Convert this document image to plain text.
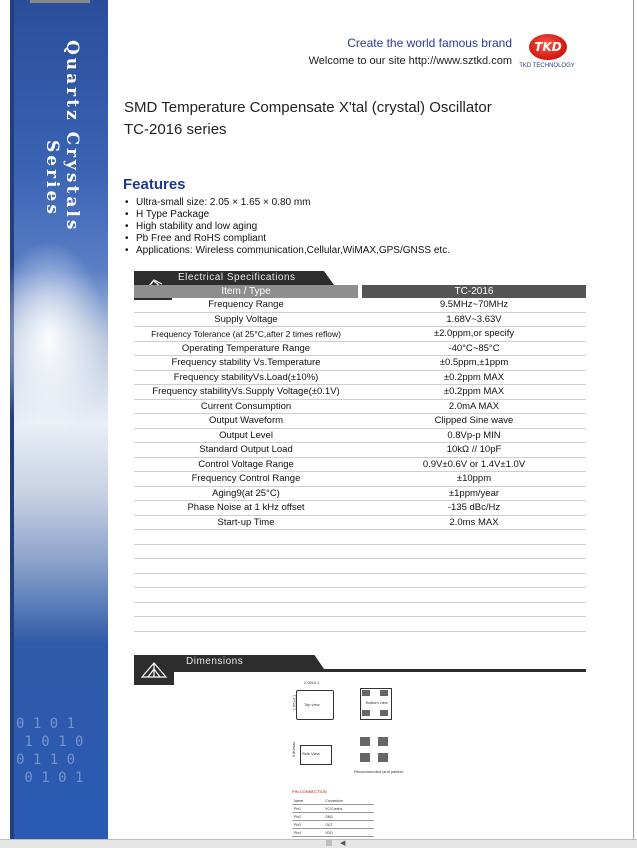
Quartz Crystals
Series
0 1 0 1
1 0 1 0
0 1 1 0
0 1 0 1
Create the world famous brand
Welcome to our site http://www.sztkd.com
TKD
TKD TECHNOLOGY
SMD Temperature Compensate X'tal (crystal) Oscillator
TC-2016 series
Features
• Ultra-small size: 2.05 × 1.65 × 0.80 mm
• H Type Package
• High stability and low aging
• Pb Free and RoHS compliant
• Applications: Wireless communication,Cellular,WiMAX,GPS/GNSS etc.
Electrical Specifications
Item / Type		TC-2016
Frequency Range		9.5MHz~70MHz
Supply Voltage		1.68V~3.63V
Frequency Tolerance (at 25°C,after 2 times reflow)		±2.0ppm,or specify
Operating Temperature Range		-40°C~85°C
Frequency stability Vs.Temperature		±0.5ppm,±1ppm
Frequency stabilityVs.Load(±10%)		±0.2ppm MAX
Frequency stabilityVs.Supply Voltage(±0.1V)		±0.2ppm MAX
Current Consumption		2.0mA MAX
Output Waveform		Clipped Sine wave
Output Level		0.8Vp-p MIN
Standard Output Load		10kΩ // 10pF
Control Voltage Range		0.9V±0.6V or 1.4V±1.0V
Frequency Control Range		±10ppm
Aging9(at 25°C)		±1ppm/year
Phase Noise at 1 kHz offset		-135 dBc/Hz
Start-up Time		2.0ms MAX

Dimensions
2.05±0.1
Top view
1.65±0.1	Bottom view
Side View
0.80max
Recommended land pattern
PIN CONNECTION
Name	Connection
Pin1	VC/Control
Pin2	GND
Pin3	OUT
Pin4	VDD
◀
